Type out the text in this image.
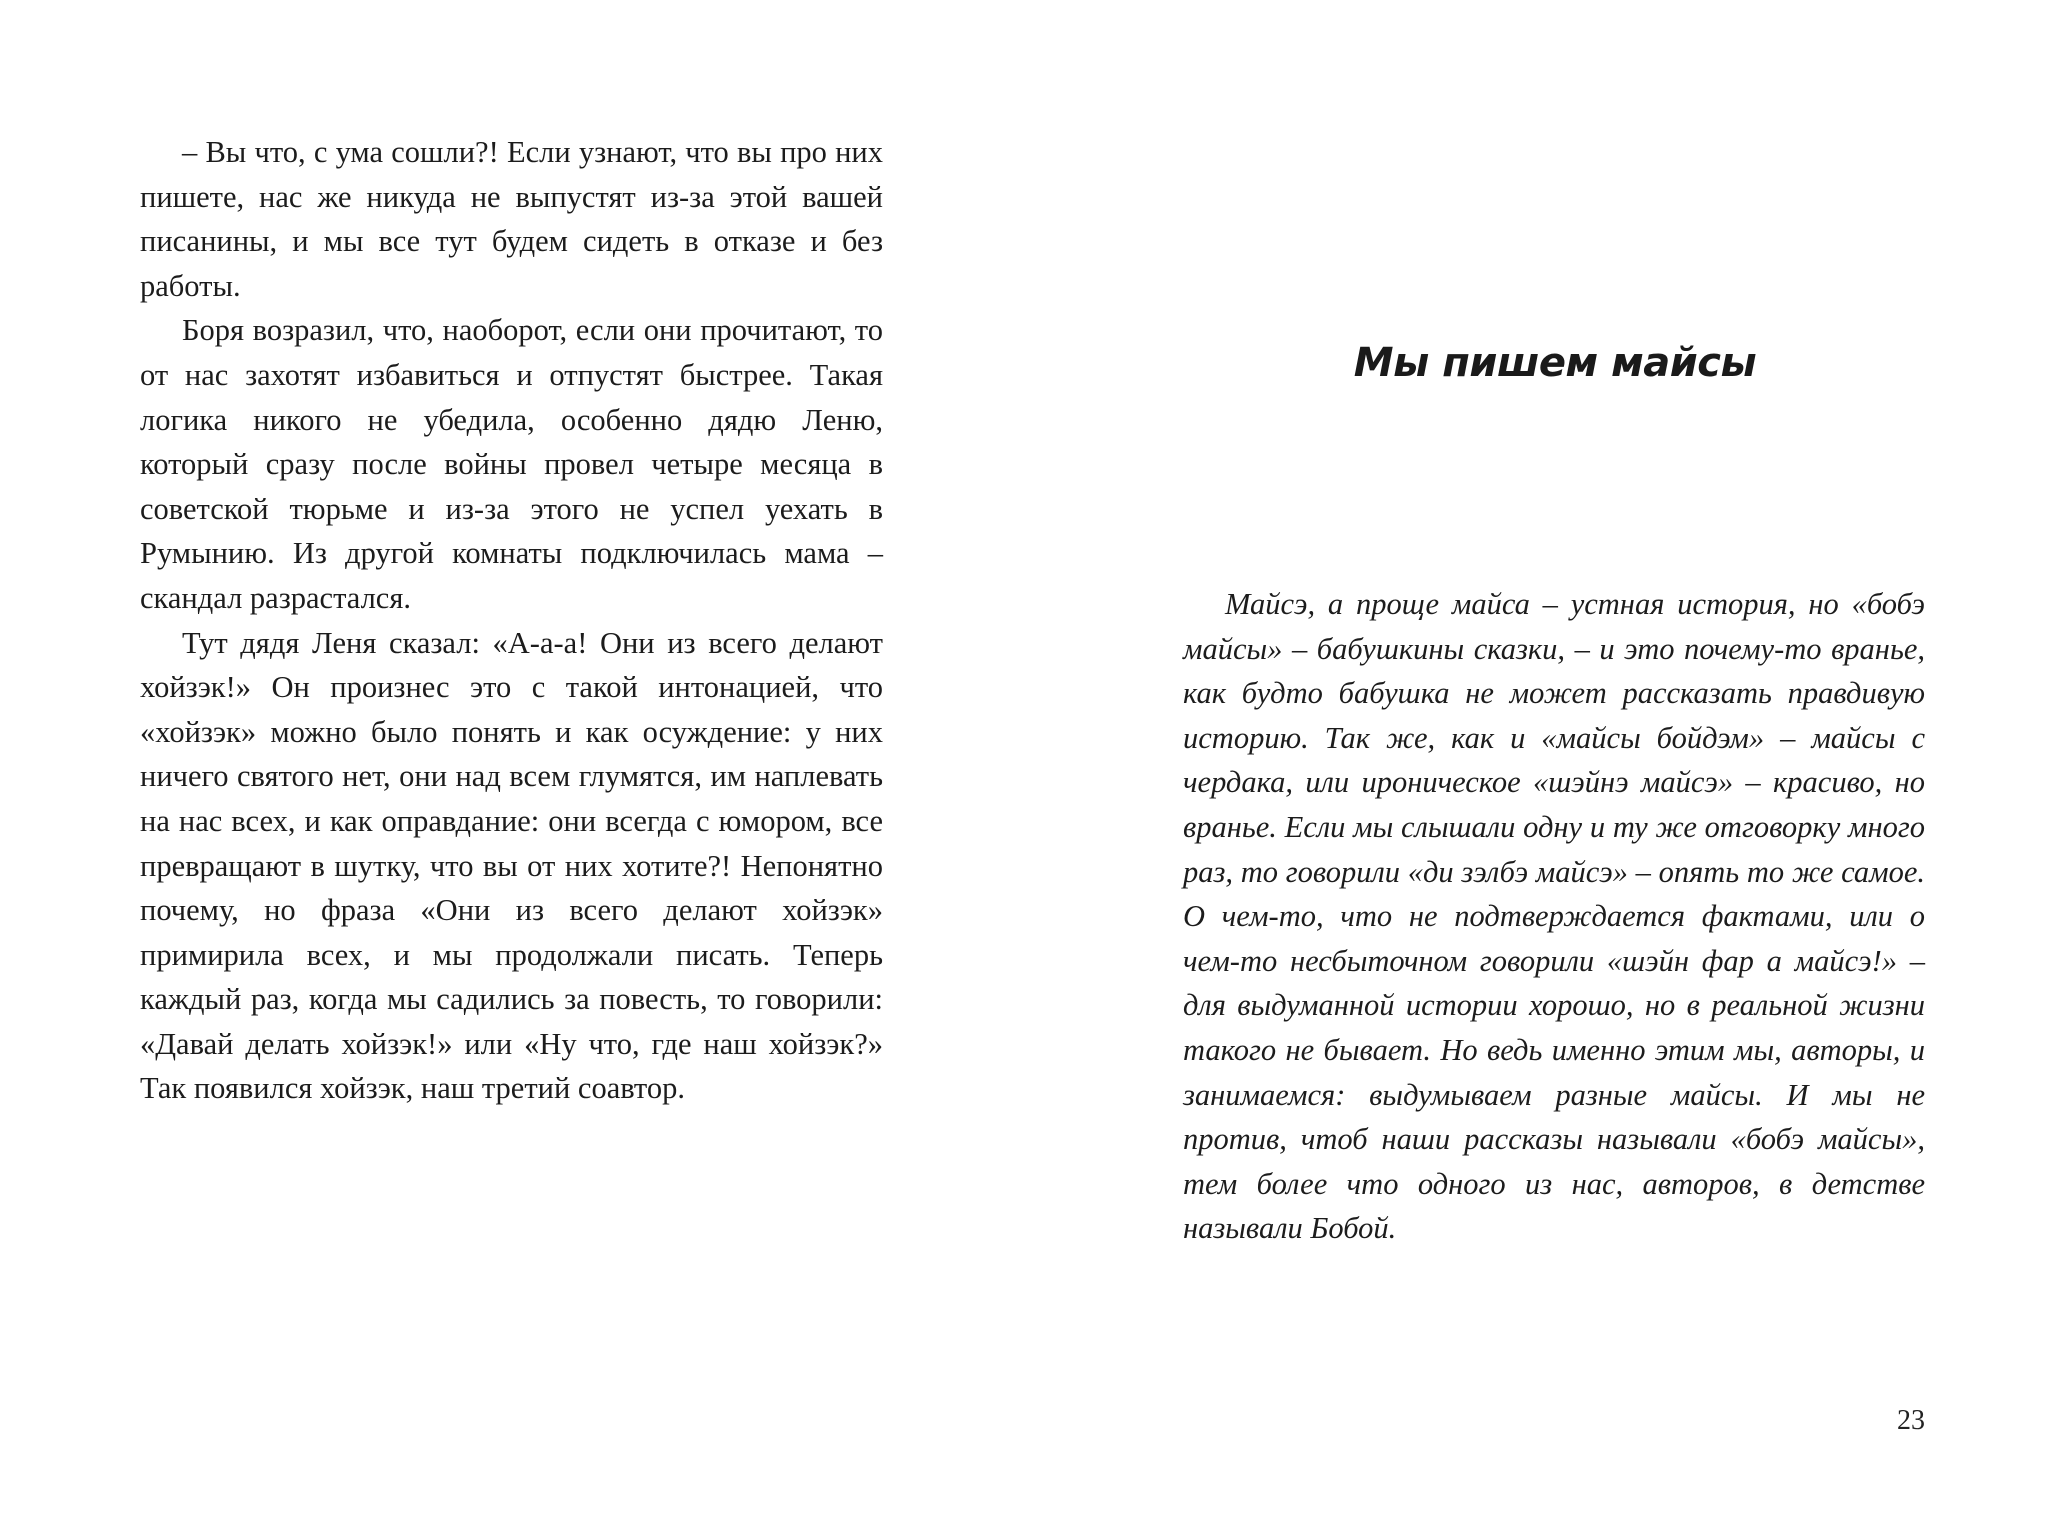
– Вы что, с ума сошли?! Если узнают, что вы про них пишете, нас же никуда не выпустят из-за этой вашей писанины, и мы все тут будем сидеть в отказе и без работы.

Боря возразил, что, наоборот, если они прочитают, то от нас захотят избавиться и отпустят быстрее. Такая логика никого не убедила, особенно дядю Леню, который сразу после войны провел четыре месяца в советской тюрьме и из-за этого не успел уехать в Румынию. Из другой комнаты подключилась мама – скандал разрастался.

Тут дядя Леня сказал: «А-а-а! Они из всего делают хойзэк!» Он произнес это с такой интонацией, что «хойзэк» можно было понять и как осуждение: у них ничего святого нет, они над всем глумятся, им наплевать на нас всех, и как оправдание: они всегда с юмором, все превращают в шутку, что вы от них хотите?! Непонятно почему, но фраза «Они из всего делают хойзэк» примирила всех, и мы продолжали писать. Теперь каждый раз, когда мы садились за повесть, то говорили: «Давай делать хойзэк!» или «Ну что, где наш хойзэк?» Так появился хойзэк, наш третий соавтор.

Мы пишем майсы

Майсэ, а проще майса – устная история, но «бобэ майсы» – бабушкины сказки, – и это почему-то вранье, как будто бабушка не может рассказать правдивую историю. Так же, как и «майсы бойдэм» – майсы с чердака, или ироническое «шэйнэ майсэ» – красиво, но вранье. Если мы слышали одну и ту же отговорку много раз, то говорили «ди зэлбэ майсэ» – опять то же самое. О чем-то, что не подтверждается фактами, или о чем-то несбыточном говорили «шэйн фар а майсэ!» – для выдуманной истории хорошо, но в реальной жизни такого не бывает. Но ведь именно этим мы, авторы, и занимаемся: выдумываем разные майсы. И мы не против, чтоб наши рассказы называли «бобэ майсы», тем более что одного из нас, авторов, в детстве называли Бобой.

23
